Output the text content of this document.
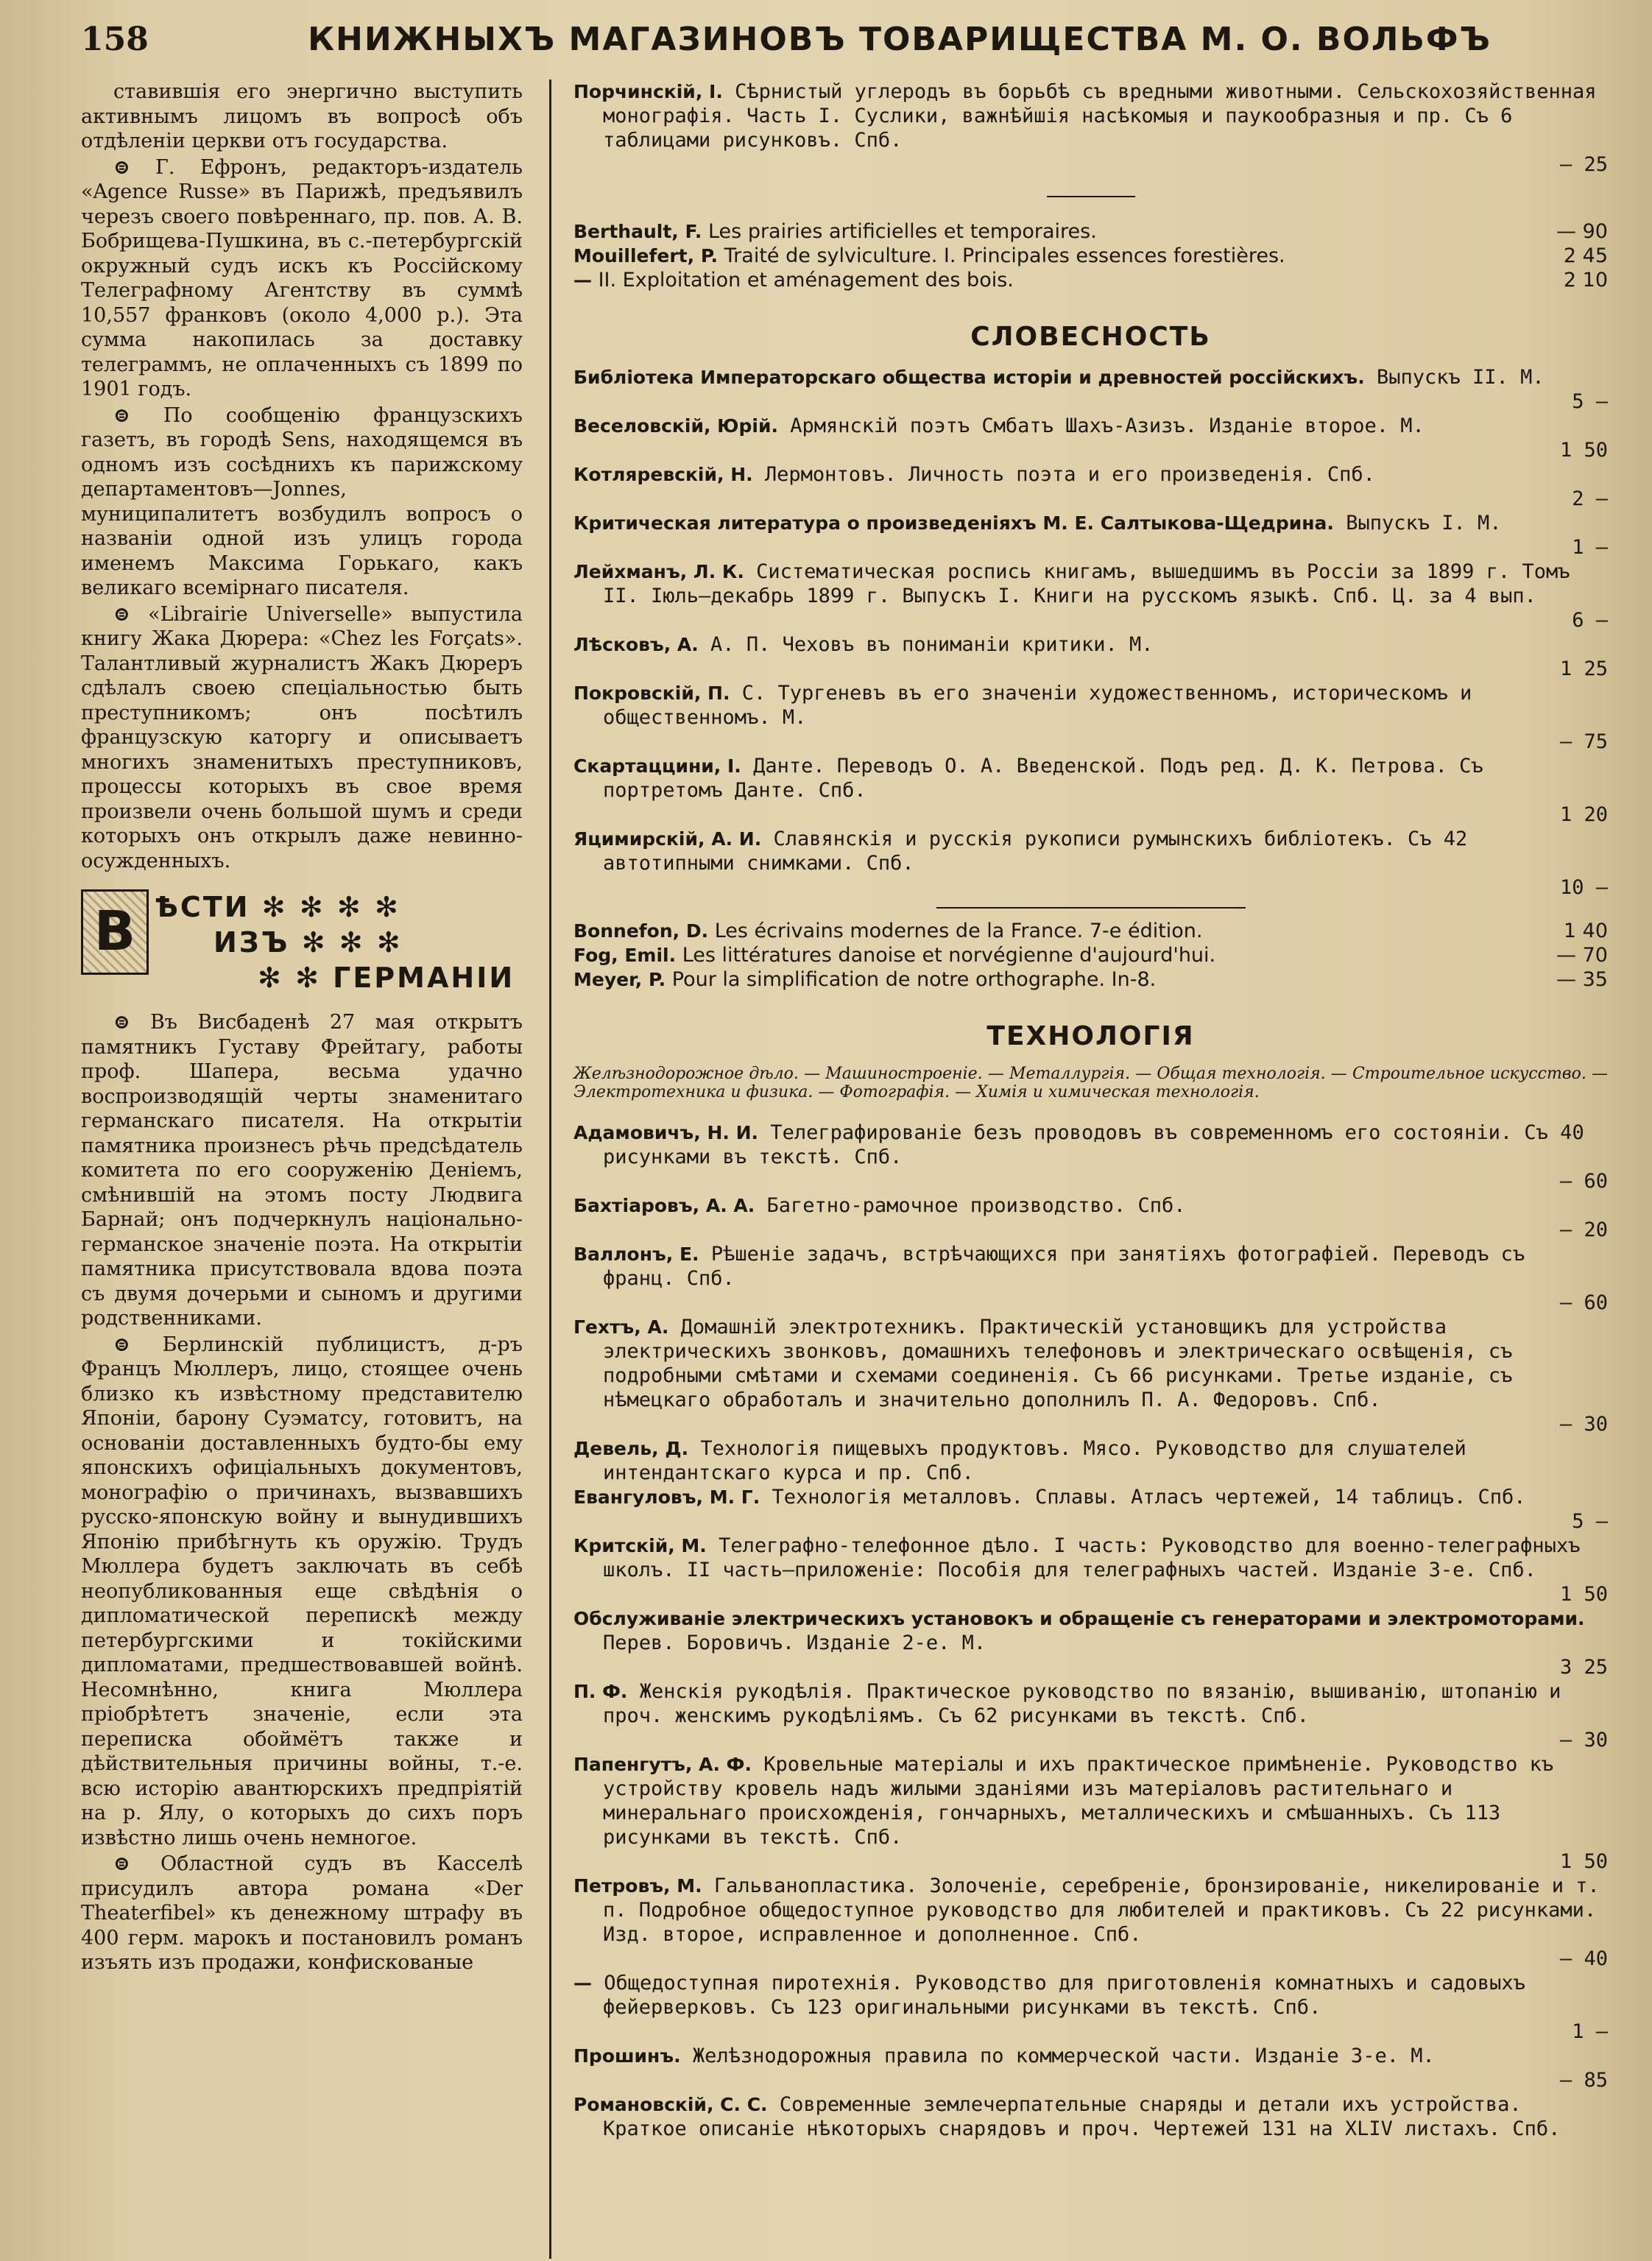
158	КНИЖНЫХЪ МАГАЗИНОВЪ ТОВАРИЩЕСТВА М. О. ВОЛЬФЪ

ставившія его энергично выступить активнымъ лицомъ въ вопросѣ объ отдѣленіи церкви отъ государства.

⊜ Г. Ефронъ, редакторъ-издатель «Agence Russe» въ Парижѣ, предъявилъ черезъ своего повѣреннаго, пр. пов. А. В. Бобрищева-Пушкина, въ с.-петербургскій окружный судъ искъ къ Россійскому Телеграфному Агентству въ суммѣ 10,557 франковъ (около 4,000 р.). Эта сумма накопилась за доставку телеграммъ, не оплаченныхъ съ 1899 по 1901 годъ.

⊜ По сообщенію французскихъ газетъ, въ городѣ Sens, находящемся въ одномъ изъ сосѣднихъ къ парижскому департаментовъ—Jonnes, муниципалитетъ возбудилъ вопросъ о названіи одной изъ улицъ города именемъ Максима Горькаго, какъ великаго всемірнаго писателя.

⊜ «Librairie Universelle» выпустила книгу Жака Дюрера: «Chez les Forçats». Талантливый журналистъ Жакъ Дюреръ сдѣлалъ своею спеціальностью быть преступникомъ; онъ посѣтилъ французскую каторгу и описываетъ многихъ знаменитыхъ преступниковъ, процессы которыхъ въ свое время произвели очень большой шумъ и среди которыхъ онъ открылъ даже невинно-осужденныхъ.

В ѢСТИ ✻ ✻ ✻ ✻
ИЗЪ ✻ ✻ ✻
✻ ✻ ГЕРМАНІИ

⊜ Въ Висбаденѣ 27 мая открытъ памятникъ Густаву Фрейтагу, работы проф. Шапера, весьма удачно воспроизводящій черты знаменитаго германскаго писателя. На открытіи памятника произнесъ рѣчь предсѣдатель комитета по его сооруженію Деніемъ, смѣнившій на этомъ посту Людвига Барнай; онъ подчеркнулъ національно-германское значеніе поэта. На открытіи памятника присутствовала вдова поэта съ двумя дочерьми и сыномъ и другими родственниками.

⊜ Берлинскій публицистъ, д-ръ Францъ Мюллеръ, лицо, стоящее очень близко къ извѣстному представителю Японіи, барону Суэматсу, готовитъ, на основаніи доставленныхъ будто-бы ему японскихъ офиціальныхъ документовъ, монографію о причинахъ, вызвавшихъ русско-японскую войну и вынудившихъ Японію прибѣгнуть къ оружію. Трудъ Мюллера будетъ заключать въ себѣ неопубликованныя еще свѣдѣнія о дипломатической перепискѣ между петербургскими и токійскими дипломатами, предшествовавшей войнѣ. Несомнѣнно, книга Мюллера пріобрѣтетъ значеніе, если эта переписка обоймётъ также и дѣйствительныя причины войны, т.-е. всю исторію авантюрскихъ предпріятій на р. Ялу, о которыхъ до сихъ поръ извѣстно лишь очень немногое.

⊜ Областной судъ въ Касселѣ присудилъ автора романа «Der Theaterfibel» къ денежному штрафу въ 400 герм. марокъ и постановилъ романъ изъять изъ продажи, конфискованые

Порчинскій, І. Сѣрнистый углеродъ въ борьбѣ съ вредными животными. Сельскохозяйственная монографія. Часть І. Суслики, важнѣйшія насѣкомыя и паукообразныя и пр. Съ 6 таблицами рисунковъ. Спб.
— 25
— 90
Berthault, F. Les prairies artificielles et temporaires.
2 45
Mouillefert, P. Traité de sylviculture. I. Principales essences forestières.
2 10
— II. Exploitation et aménagement des bois.
СЛОВЕСНОСТЬ
Библіотека Императорскаго общества исторіи и древностей россійскихъ. Выпускъ II. М.
5 —
Веселовскій, Юрій. Армянскій поэтъ Смбатъ Шахъ-Азизъ. Изданіе второе. М.
1 50
Котляревскій, Н. Лермонтовъ. Личность поэта и его произведенія. Спб.
2 —
Критическая литература о произведеніяхъ М. Е. Салтыкова-Щедрина. Выпускъ I. М.
1 —
Лейхманъ, Л. К. Систематическая роспись книгамъ, вышедшимъ въ Россіи за 1899 г. Томъ II. Іюль—декабрь 1899 г. Выпускъ I. Книги на русскомъ языкѣ. Спб. Ц. за 4 вып.
6 —
Лѣсковъ, А. А. П. Чеховъ въ пониманіи критики. М.
1 25
Покровскій, П. С. Тургеневъ въ его значеніи художественномъ, историческомъ и общественномъ. М.
— 75
Скартаццини, І. Данте. Переводъ О. А. Введенской. Подъ ред. Д. К. Петрова. Съ портретомъ Данте. Спб.
1 20
Яцимирскій, А. И. Славянскія и русскія рукописи румынскихъ библіотекъ. Съ 42 автотипными снимками. Спб.
10 —
1 40
Bonnefon, D. Les écrivains modernes de la France. 7-e édition.
— 70
Fog, Emil. Les littératures danoise et norvégienne d'aujourd'hui.
— 35
Meyer, P. Pour la simplification de notre orthographe. In-8.
ТЕХНОЛОГІЯ
Желѣзнодорожное дѣло. — Машиностроеніе. — Металлургія. — Общая технологія. — Строительное искусство. — Электротехника и физика. — Фотографія. — Химія и химическая технологія.
Адамовичъ, Н. И. Телеграфированіе безъ проводовъ въ современномъ его состояніи. Съ 40 рисунками въ текстѣ. Спб.
— 60
Бахтіаровъ, А. А. Багетно-рамочное производство. Спб.
— 20
Валлонъ, Е. Рѣшеніе задачъ, встрѣчающихся при занятіяхъ фотографіей. Переводъ съ франц. Спб.
— 60
Гехтъ, А. Домашній электротехникъ. Практическій установщикъ для устройства электрическихъ звонковъ, домашнихъ телефоновъ и электрическаго освѣщенія, съ подробными смѣтами и схемами соединенія. Съ 66 рисунками. Третье изданіе, съ нѣмецкаго обработалъ и значительно дополнилъ П. А. Федоровъ. Спб.
— 30
Девель, Д. Технологія пищевыхъ продуктовъ. Мясо. Руководство для слушателей интендантскаго курса и пр. Спб.
Евангуловъ, М. Г. Технологія металловъ. Сплавы. Атласъ чертежей, 14 таблицъ. Спб.
5 —
Критскій, М. Телеграфно-телефонное дѣло. I часть: Руководство для военно-телеграфныхъ школъ. II часть—приложеніе: Пособія для телеграфныхъ частей. Изданіе 3-е. Спб.
1 50
Обслуживаніе электрическихъ установокъ и обращеніе съ генераторами и электромоторами. Перев. Боровичъ. Изданіе 2-е. М.
3 25
П. Ф. Женскія рукодѣлія. Практическое руководство по вязанію, вышиванію, штопанію и проч. женскимъ рукодѣліямъ. Съ 62 рисунками въ текстѣ. Спб.
— 30
Папенгутъ, А. Ф. Кровельные матеріалы и ихъ практическое примѣненіе. Руководство къ устройству кровель надъ жилыми зданіями изъ матеріаловъ растительнаго и минеральнаго происхожденія, гончарныхъ, металлическихъ и смѣшанныхъ. Съ 113 рисунками въ текстѣ. Спб.
1 50
Петровъ, М. Гальванопластика. Золоченіе, серебреніе, бронзированіе, никелированіе и т. п. Подробное общедоступное руководство для любителей и практиковъ. Съ 22 рисунками. Изд. второе, исправленное и дополненное. Спб.
— 40
— Общедоступная пиротехнія. Руководство для приготовленія комнатныхъ и садовыхъ фейерверковъ. Съ 123 оригинальными рисунками въ текстѣ. Спб.
1 —
Прошинъ. Желѣзнодорожныя правила по коммерческой части. Изданіе 3-е. М.
— 85
Романовскій, С. С. Современные землечерпательные снаряды и детали ихъ устройства. Краткое описаніе нѣкоторыхъ снарядовъ и проч. Чертежей 131 на XLIV листахъ. Спб.
